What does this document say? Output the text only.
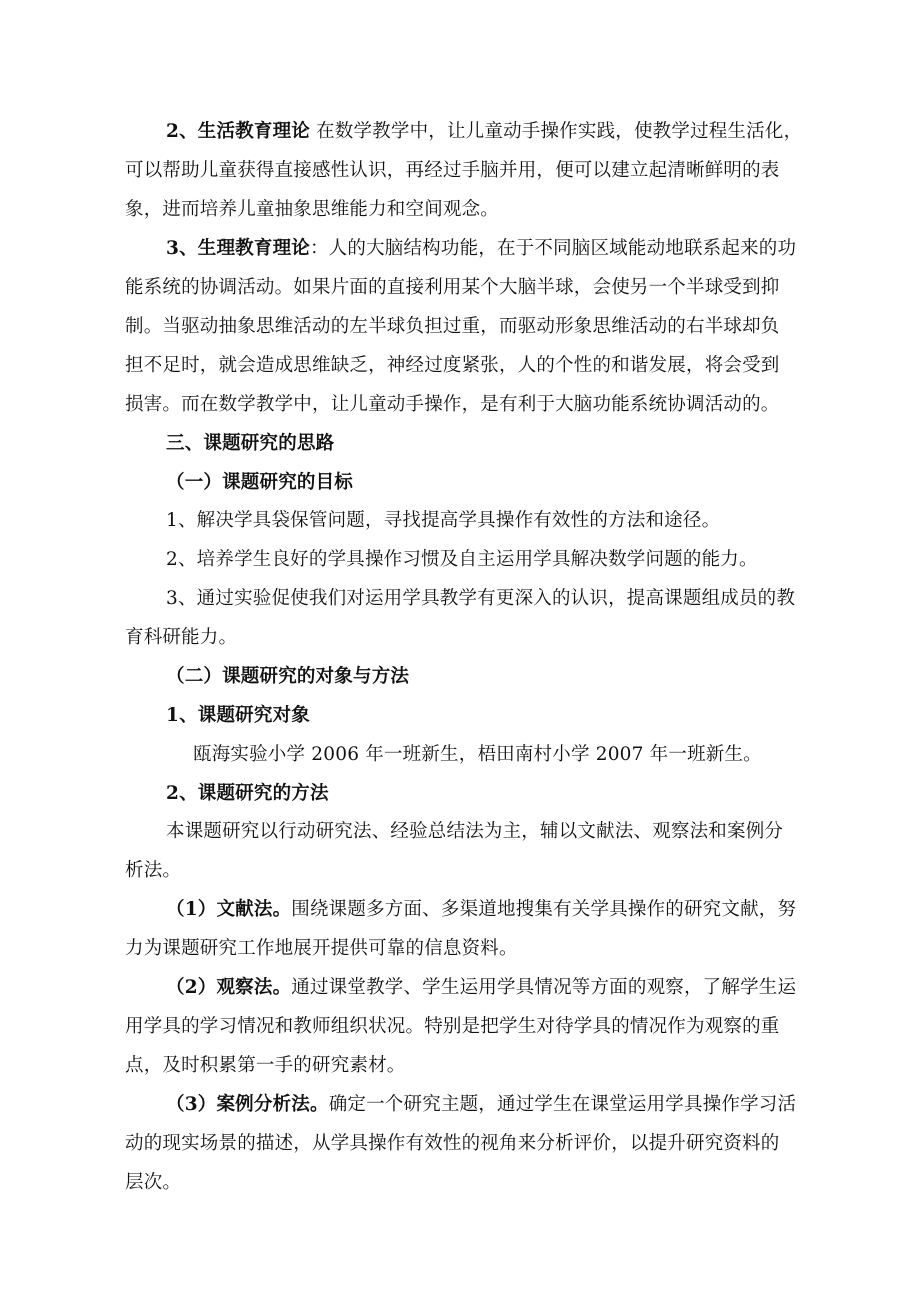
2、生活教育理论 在数学教学中，让儿童动手操作实践，使教学过程生活化，
可以帮助儿童获得直接感性认识，再经过手脑并用，便可以建立起清晰鲜明的表
象，进而培养儿童抽象思维能力和空间观念。
3、生理教育理论：人的大脑结构功能，在于不同脑区域能动地联系起来的功
能系统的协调活动。如果片面的直接利用某个大脑半球，会使另一个半球受到抑
制。当驱动抽象思维活动的左半球负担过重，而驱动形象思维活动的右半球却负
担不足时，就会造成思维缺乏，神经过度紧张，人的个性的和谐发展，将会受到
损害。而在数学教学中，让儿童动手操作，是有利于大脑功能系统协调活动的。
三、课题研究的思路
（一）课题研究的目标
1、解决学具袋保管问题，寻找提高学具操作有效性的方法和途径。
2、培养学生良好的学具操作习惯及自主运用学具解决数学问题的能力。
3、通过实验促使我们对运用学具教学有更深入的认识，提高课题组成员的教
育科研能力。
（二）课题研究的对象与方法
1、课题研究对象
瓯海实验小学 2006 年一班新生，梧田南村小学 2007 年一班新生。
2、课题研究的方法
本课题研究以行动研究法、经验总结法为主，辅以文献法、观察法和案例分
析法。
（1）文献法。围绕课题多方面、多渠道地搜集有关学具操作的研究文献，努
力为课题研究工作地展开提供可靠的信息资料。
（2）观察法。通过课堂教学、学生运用学具情况等方面的观察，了解学生运
用学具的学习情况和教师组织状况。特别是把学生对待学具的情况作为观察的重
点，及时积累第一手的研究素材。
（3）案例分析法。确定一个研究主题，通过学生在课堂运用学具操作学习活
动的现实场景的描述，从学具操作有效性的视角来分析评价，以提升研究资料的
层次。
